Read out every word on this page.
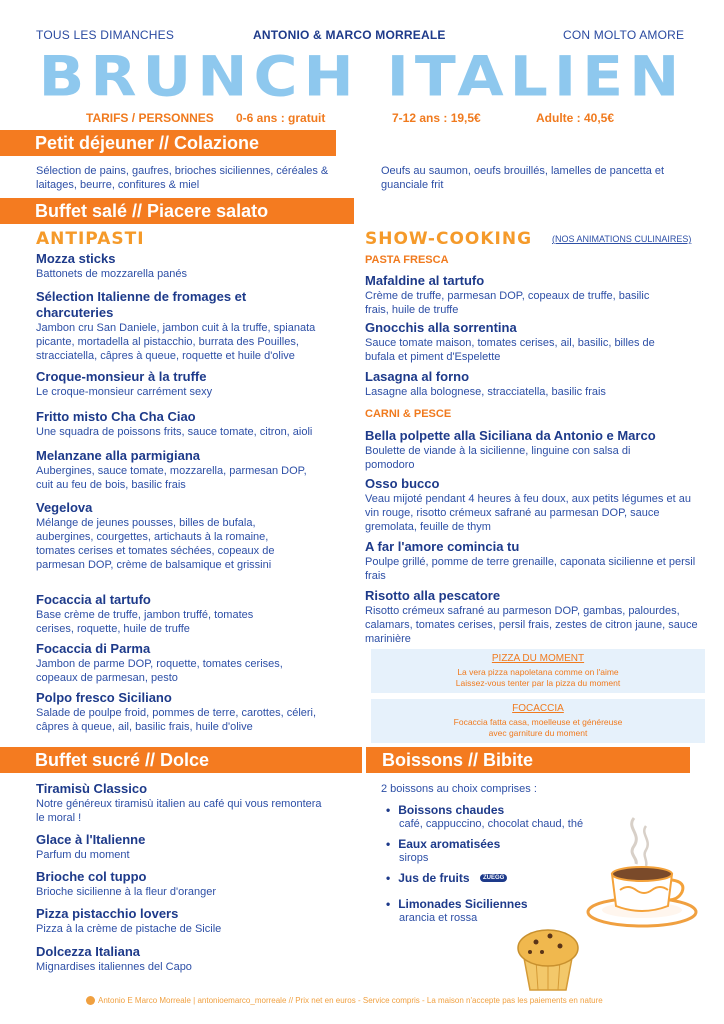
TOUS LES DIMANCHES	ANTONIO & MARCO MORREALE	CON MOLTO AMORE
BRUNCH ITALIEN
TARIFS / PERSONNES 0-6 ans : gratuit	7-12 ans : 19,5€	Adulte : 40,5€
Petit déjeuner // Colazione
Sélection de pains, gaufres, brioches siciliennes, céréales & laitages, beurre, confitures & miel
Oeufs au saumon, oeufs brouillés, lamelles de pancetta et guanciale frit
Buffet salé // Piacere salato
ANTIPASTI
Mozza sticks
Battonets de mozzarella panés
Sélection Italienne de fromages et charcuteries
Jambon cru San Daniele, jambon cuit à la truffe, spianata picante, mortadella al pistacchio, burrata des Pouilles, stracciatella, câpres à queue, roquette et huile d'olive
Croque-monsieur à la truffe
Le croque-monsieur carrément sexy
Fritto misto Cha Cha Ciao
Une squadra de poissons frits, sauce tomate, citron, aioli
Melanzane alla parmigiana
Aubergines, sauce tomate, mozzarella, parmesan DOP, cuit au feu de bois, basilic frais
Vegelova
Mélange de jeunes pousses, billes de bufala, aubergines, courgettes, artichauts à la romaine, tomates cerises et tomates séchées, copeaux de parmesan DOP, crème de balsamique et grissini
Focaccia al tartufo
Base crème de truffe, jambon truffé, tomates cerises, roquette, huile de truffe
Focaccia di Parma
Jambon de parme DOP, roquette, tomates cerises, copeaux de parmesan, pesto
Polpo fresco Siciliano
Salade de poulpe froid, pommes de terre, carottes, céleri, câpres à queue, ail, basilic frais, huile d'olive
SHOW-COOKING (NOS ANIMATIONS CULINAIRES)
PASTA FRESCA
Mafaldine al tartufo
Crème de truffe, parmesan DOP, copeaux de truffe, basilic frais, huile de truffe
Gnocchis alla sorrentina
Sauce tomate maison, tomates cerises, ail, basilic, billes de bufala et piment d'Espelette
Lasagna al forno
Lasagne alla bolognese, stracciatella, basilic frais
CARNI & PESCE
Bella polpette alla Siciliana da Antonio e Marco
Boulette de viande à la sicilienne, linguine con salsa di pomodoro
Osso bucco
Veau mijoté pendant 4 heures à feu doux, aux petits légumes et au vin rouge, risotto crémeux safrané au parmesan DOP, sauce gremolata, feuille de thym
A far l'amore comincia tu
Poulpe grillé, pomme de terre grenaille, caponata sicilienne et persil frais
Risotto alla pescatore
Risotto crémeux safrané au parmeson DOP, gambas, palourdes, calamars, tomates cerises, persil frais, zestes de citron jaune, sauce marinière
PIZZA DU MOMENT
La vera pizza napoletana comme on l'aime
Laissez-vous tenter par la pizza du moment
FOCACCIA
Focaccia fatta casa, moelleuse et généreuse
avec garniture du moment
Buffet sucré // Dolce
Tiramisù Classico
Notre généreux tiramisù italien au café qui vous remontera le moral !
Glace à l'Italienne
Parfum du moment
Brioche col tuppo
Brioche sicilienne à la fleur d'oranger
Pizza pistacchio lovers
Pizza à la crème de pistache de Sicile
Dolcezza Italiana
Mignardises italiennes del Capo
Boissons // Bibite
2 boissons au choix comprises :
• Boissons chaudes
café, cappuccino, chocolat chaud, thé
• Eaux aromatisées
sirops
• Jus de fruits ZUEGG
• Limonades Siciliennes
arancia et rossa
Antonio E Marco Morreale | antonioemarco_morreale // Prix net en euros - Service compris - La maison n'accepte pas les paiements en nature
